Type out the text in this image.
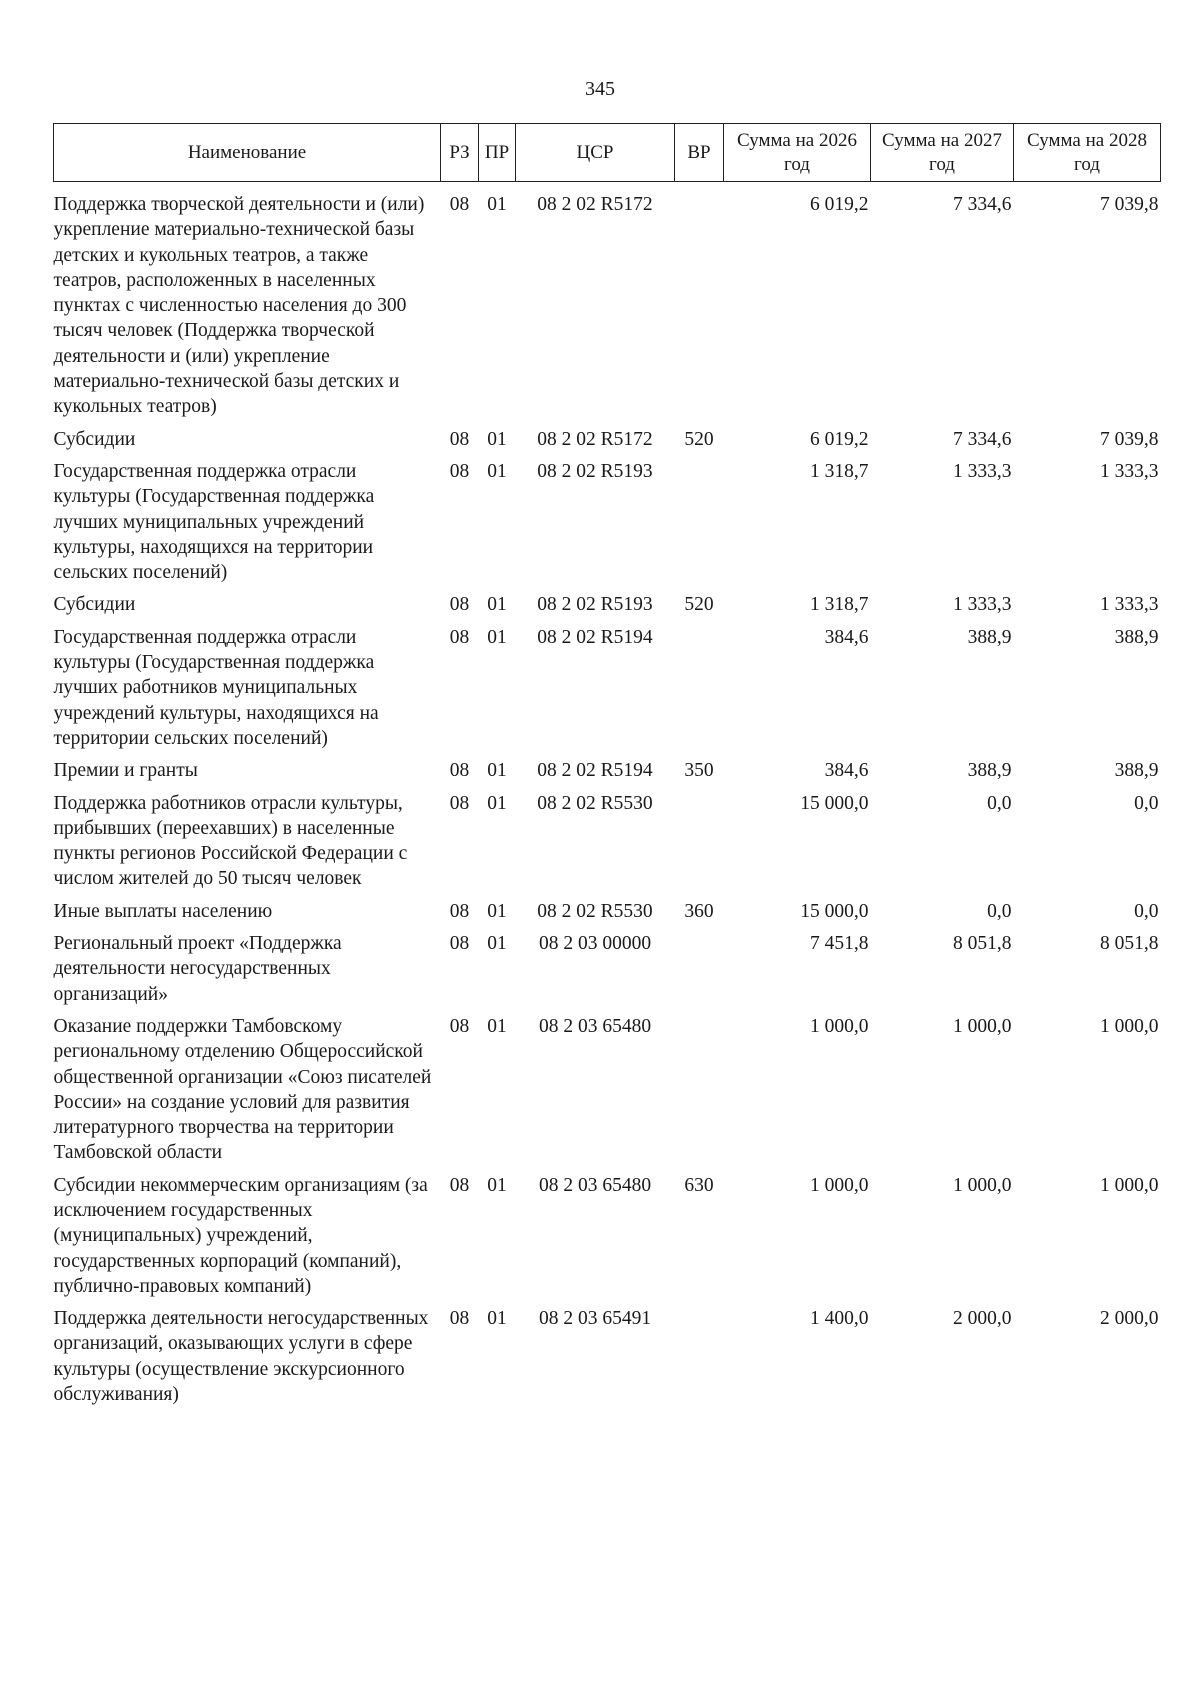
345
Наименование	РЗ	ПР	ЦСР	ВР	Сумма на 2026 год	Сумма на 2027 год	Сумма на 2028 год
Поддержка творческой деятельности и (или) укрепление материально-технической базы детских и кукольных театров, а также театров, расположенных в населенных пунктах с численностью населения до 300 тысяч человек (Поддержка творческой деятельности и (или) укрепление материально-технической базы детских и кукольных театров)	08	01	08 2 02 R5172		6 019,2	7 334,6	7 039,8
Субсидии	08	01	08 2 02 R5172	520	6 019,2	7 334,6	7 039,8
Государственная поддержка отрасли культуры (Государственная поддержка лучших муниципальных учреждений культуры, находящихся на территории сельских поселений)	08	01	08 2 02 R5193		1 318,7	1 333,3	1 333,3
Субсидии	08	01	08 2 02 R5193	520	1 318,7	1 333,3	1 333,3
Государственная поддержка отрасли культуры (Государственная поддержка лучших работников муниципальных учреждений культуры, находящихся на территории сельских поселений)	08	01	08 2 02 R5194		384,6	388,9	388,9
Премии и гранты	08	01	08 2 02 R5194	350	384,6	388,9	388,9
Поддержка работников отрасли культуры, прибывших (переехавших) в населенные пункты регионов Российской Федерации с числом жителей до 50 тысяч человек	08	01	08 2 02 R5530		15 000,0	0,0	0,0
Иные выплаты населению	08	01	08 2 02 R5530	360	15 000,0	0,0	0,0
Региональный проект «Поддержка деятельности негосударственных организаций»	08	01	08 2 03 00000		7 451,8	8 051,8	8 051,8
Оказание поддержки Тамбовскому региональному отделению Общероссийской общественной организации «Союз писателей России» на создание условий для развития литературного творчества на территории Тамбовской области	08	01	08 2 03 65480		1 000,0	1 000,0	1 000,0
Субсидии некоммерческим организациям (за исключением государственных (муниципальных) учреждений, государственных корпораций (компаний), публично-правовых компаний)	08	01	08 2 03 65480	630	1 000,0	1 000,0	1 000,0
Поддержка деятельности негосударственных организаций, оказывающих услуги в сфере культуры (осуществление экскурсионного обслуживания)	08	01	08 2 03 65491		1 400,0	2 000,0	2 000,0
